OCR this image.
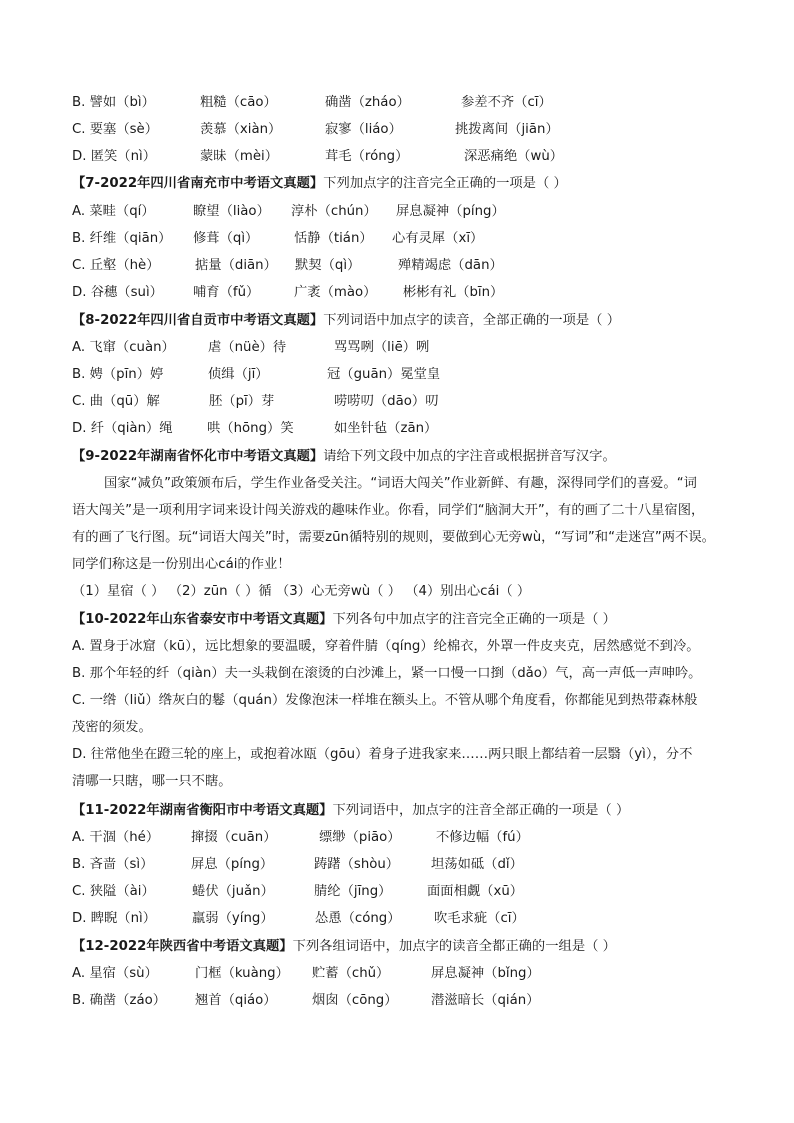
B. 譬如（bì）	粗糙（cāo）	确凿（zháo）	参差不齐（cī）
C. 要塞（sè）	羡慕（xiàn）	寂寥（liáo）	挑拨离间（jiān）
D. 匿笑（nì）	蒙昧（mèi）	茸毛（róng）	深恶痛绝（wù）
【7-2022年四川省南充市中考语文真题】下列加点字的注音完全正确的一项是（ ）
A. 菜畦（qí）	瞭望（liào） 淳朴（chún） 屏息凝神（píng）
B. 纤维（qiān） 修葺（qì）	恬静（tián） 心有灵犀（xī）
C. 丘壑（hè）	掂量（diān） 默契（qì）	殚精竭虑（dān）
D. 谷穗（suì） 哺育（fǔ）	广袤（mào） 彬彬有礼（bīn）
【8-2022年四川省自贡市中考语文真题】下列词语中加点字的读音，全部正确的一项是（ ）
A. 飞窜（cuàn） 虐（nüè）待	骂骂咧（liē）咧
B. 娉（pīn）婷	侦缉（jī）	冠（guān）冕堂皇
C. 曲（qū）解	胚（pī）芽	唠唠叨（dāo）叨
D. 纤（qiàn）绳	哄（hōng）笑	如坐针毡（zān）
【9-2022年湖南省怀化市中考语文真题】请给下列文段中加点的字注音或根据拼音写汉字。
国家“减负”政策颁布后，学生作业备受关注。“词语大闯关”作业新鲜、有趣，深得同学们的喜爱。“词
语大闯关”是一项利用字词来设计闯关游戏的趣味作业。你看，同学们“脑洞大开”，有的画了二十八星宿图，
有的画了飞行图。玩“词语大闯关”时，需要zūn循特别的规则，要做到心无旁wù，“写词”和“走迷宫”两不误。
同学们称这是一份别出心cái的作业！
（1）星宿（ ） （2）zūn（ ）循 （3）心无旁wù（ ） （4）别出心cái（ ）
【10-2022年山东省泰安市中考语文真题】下列各句中加点字的注音完全正确的一项是（ ）
A. 置身于冰窟（kū），远比想象的要温暖，穿着件腈（qíng）纶棉衣，外罩一件皮夹克，居然感觉不到冷。
B. 那个年轻的纤（qiàn）夫一头栽倒在滚烫的白沙滩上，紧一口慢一口捯（dǎo）气，高一声低一声呻吟。
C. 一绺（liǔ）绺灰白的鬈（quán）发像泡沫一样堆在额头上。不管从哪个角度看，你都能见到热带森林般
茂密的须发。
D. 往常他坐在蹬三轮的座上，或抱着冰瓯（gōu）着身子进我家来……两只眼上都结着一层翳（yì），分不
清哪一只瞎，哪一只不瞎。
【11-2022年湖南省衡阳市中考语文真题】下列词语中，加点字的注音全部正确的一项是（ ）
A. 干涸（hé） 撺掇（cuān）	缥缈（piāo）	不修边幅（fú）
B. 吝啬（sì）	屏息（píng）	踌躇（shòu） 坦荡如砥（dǐ）
C. 狭隘（ài）	蜷伏（juǎn）	腈纶（jīng）	面面相觑（xū）
D. 睥睨（nì）	羸弱（yíng）	怂恿（cóng）	吹毛求疵（cī）
【12-2022年陕西省中考语文真题】下列各组词语中，加点字的读音全都正确的一组是（ ）
A. 星宿（sù）	门框（kuàng） 贮蓄（chǔ）	屏息凝神（bǐng）
B. 确凿（záo） 翘首（qiáo）	烟囱（cōng）	潜滋暗长（qián）
